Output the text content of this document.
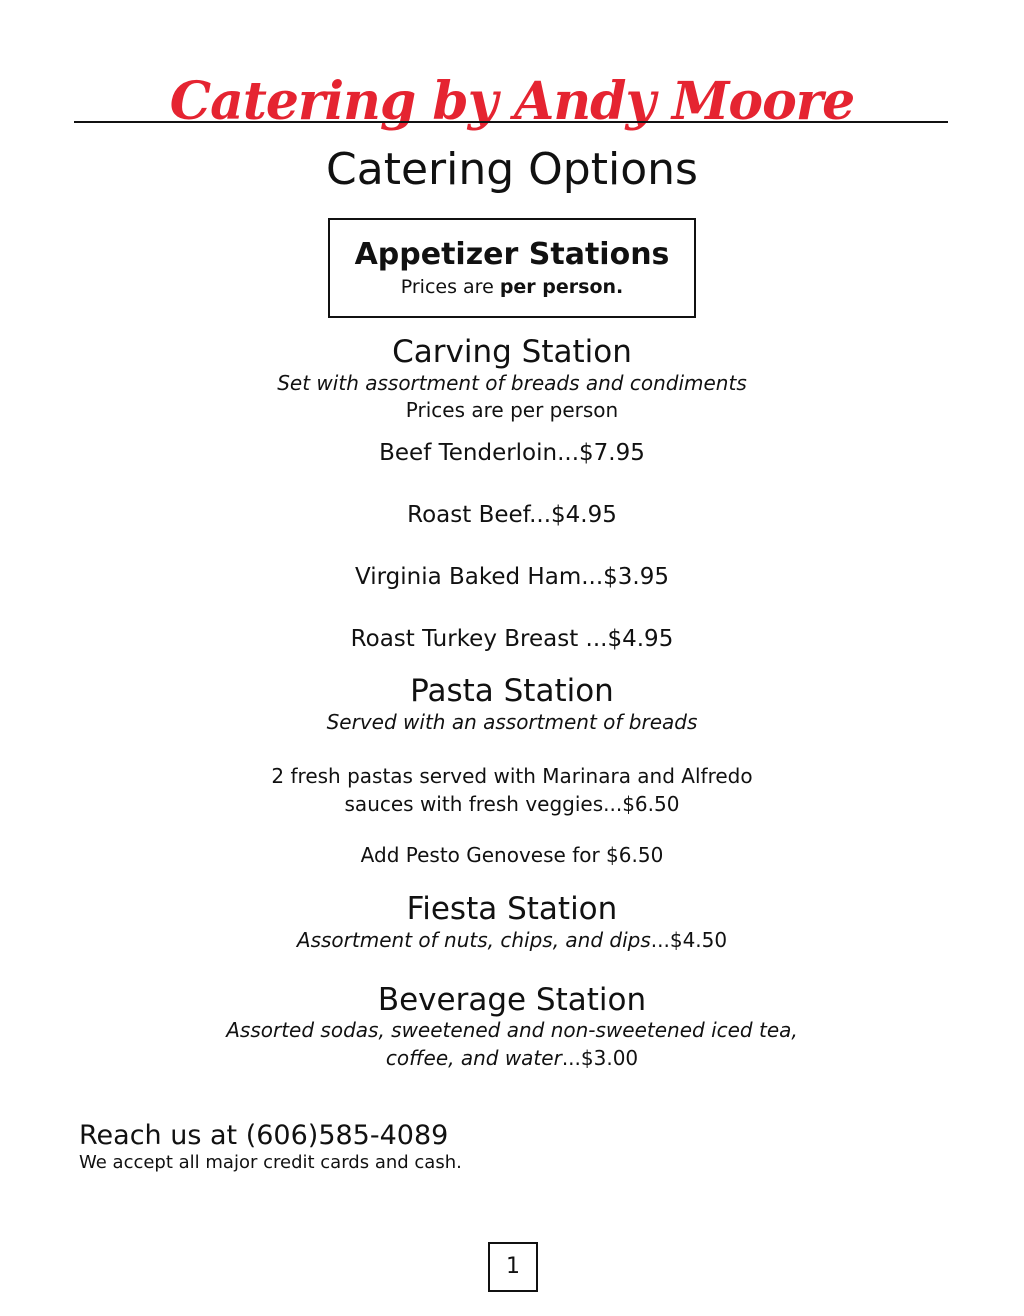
Catering by Andy Moore
Catering Options
Appetizer Stations
Prices are per person.
Carving Station
Set with assortment of breads and condiments
Prices are per person
Beef Tenderloin...$7.95
Roast Beef...$4.95
Virginia Baked Ham...$3.95
Roast Turkey Breast ...$4.95
Pasta Station
Served with an assortment of breads
2 fresh pastas served with Marinara and Alfredo
sauces with fresh veggies...$6.50
Add Pesto Genovese for $6.50
Fiesta Station
Assortment of nuts, chips, and dips...$4.50
Beverage Station
Assorted sodas, sweetened and non-sweetened iced tea,
coffee, and water...$3.00
Reach us at (606)585-4089
We accept all major credit cards and cash.
1
